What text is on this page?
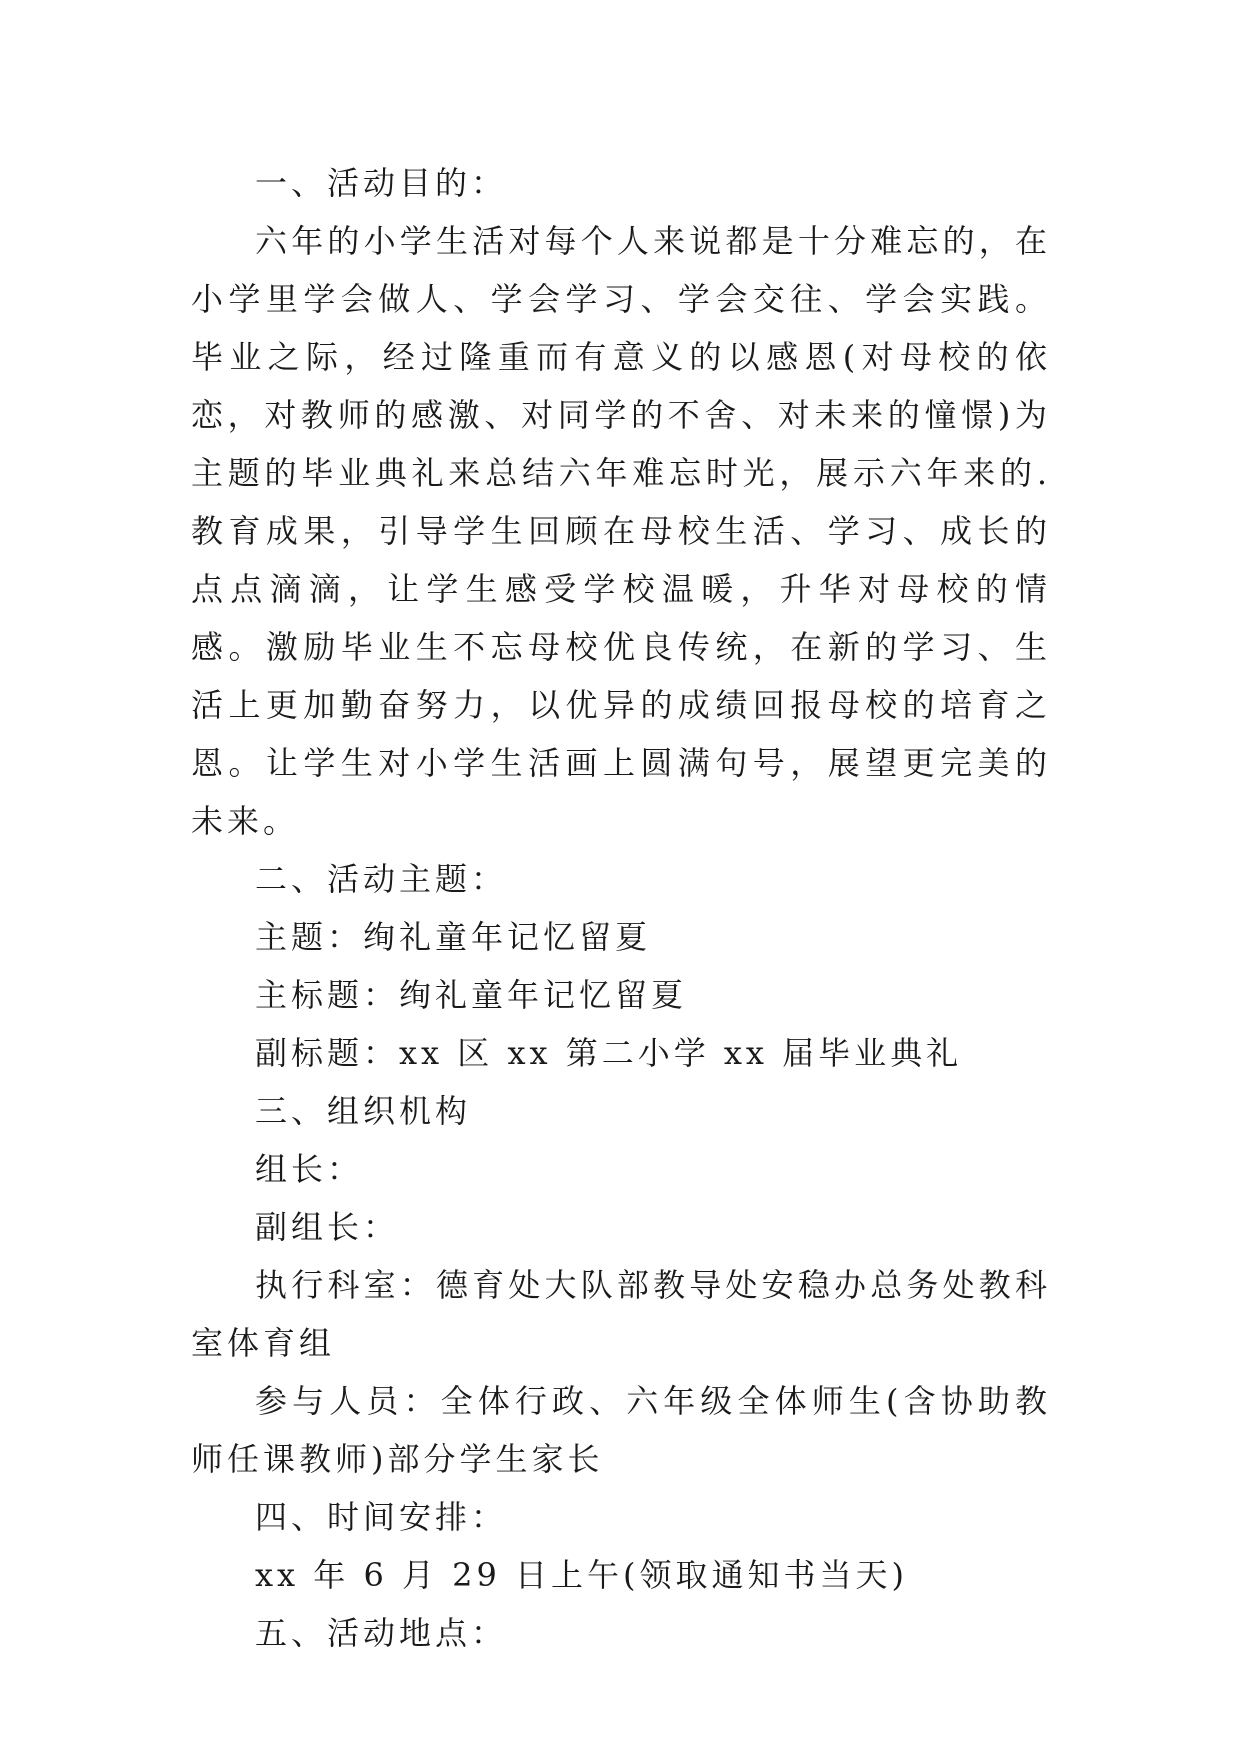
一、活动目的：

六年的小学生活对每个人来说都是十分难忘的，在小学里学会做人、学会学习、学会交往、学会实践。毕业之际，经过隆重而有意义的以感恩(对母校的依恋，对教师的感激、对同学的不舍、对未来的憧憬)为主题的毕业典礼来总结六年难忘时光，展示六年来的.教育成果，引导学生回顾在母校生活、学习、成长的点点滴滴，让学生感受学校温暖，升华对母校的情感。激励毕业生不忘母校优良传统，在新的学习、生活上更加勤奋努力，以优异的成绩回报母校的培育之恩。让学生对小学生活画上圆满句号，展望更完美的未来。

二、活动主题：

主题：绚礼童年记忆留夏

主标题：绚礼童年记忆留夏

副标题：xx 区 xx 第二小学 xx 届毕业典礼

三、组织机构

组长：

副组长：

执行科室：德育处大队部教导处安稳办总务处教科室体育组

参与人员：全体行政、六年级全体师生(含协助教师任课教师)部分学生家长

四、时间安排：

xx 年 6 月 29 日上午(领取通知书当天)

五、活动地点：
